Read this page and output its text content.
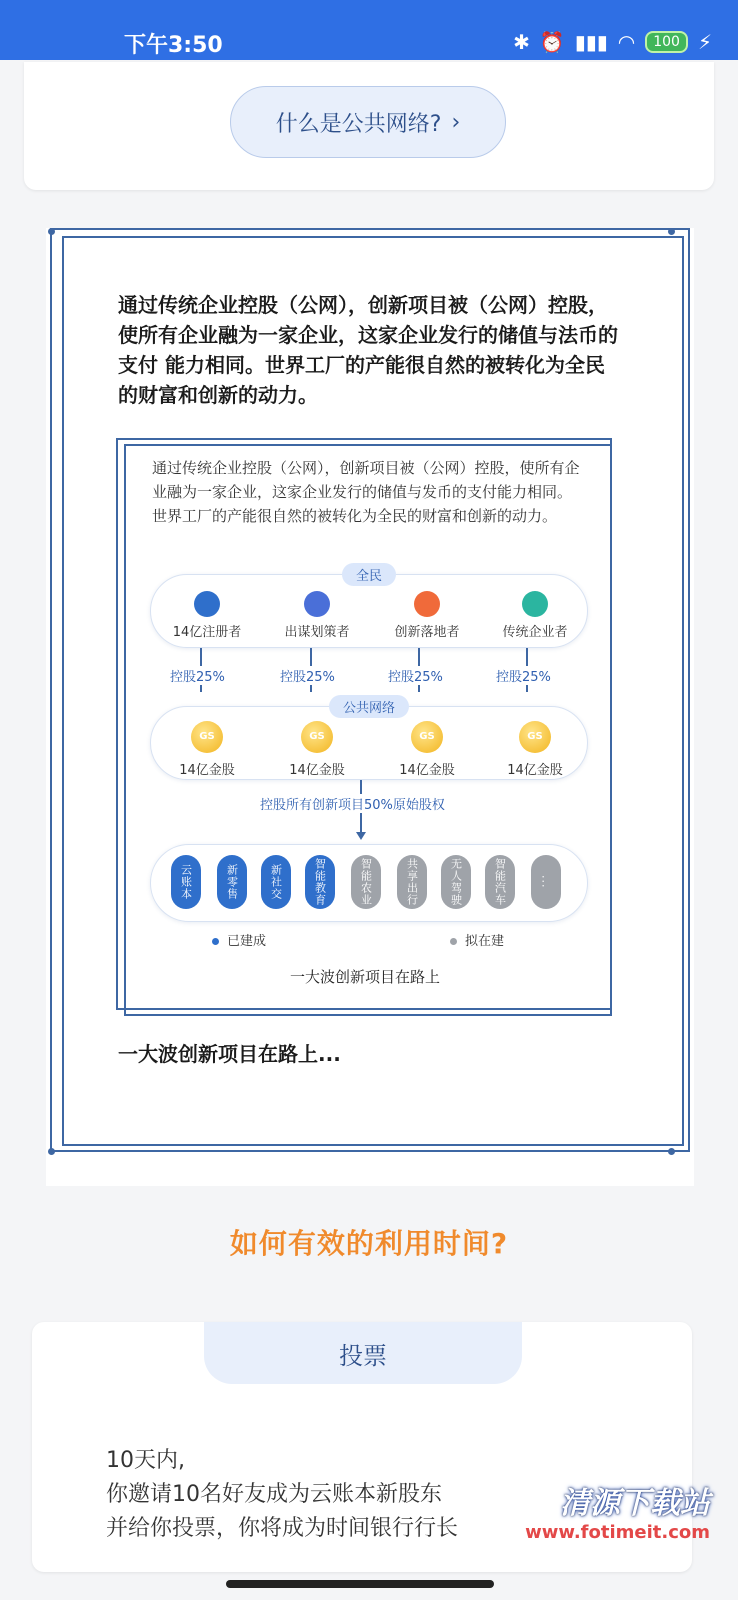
下午3:50	✱ ⏰ ▮▮▮ ◠	100 ⚡
什么是公共网络? ›
通过传统企业控股（公网），创新项目被（公网）控股，使所有企业融为一家企业，这家企业发行的储值与法币的支付 能力相同。世界工厂的产能很自然的被转化为全民的财富和创新的动力。
通过传统企业控股（公网），创新项目被（公网）控股，使所有企业融为一家企业，这家企业发行的储值与发币的支付能力相同。世界工厂的产能很自然的被转化为全民的财富和创新的动力。
全民
14亿注册者	出谋划策者	创新落地者	传统企业者
控股25%	控股25%	控股25%	控股25%
公共网络
GS
14亿金股
GS
14亿金股
GS
14亿金股
GS
14亿金股
控股所有创新项目50%原始股权
云账本	新零售	新社交	智能教育	智能农业	共享出行	无人驾驶	智能汽车	...
已建成	拟在建
一大波创新项目在路上
一大波创新项目在路上...
如何有效的利用时间?
投票
10天内,
你邀请10名好友成为云账本新股东
并给你投票，你将成为时间银行行长
清源下载站
www.fotimeit.com
